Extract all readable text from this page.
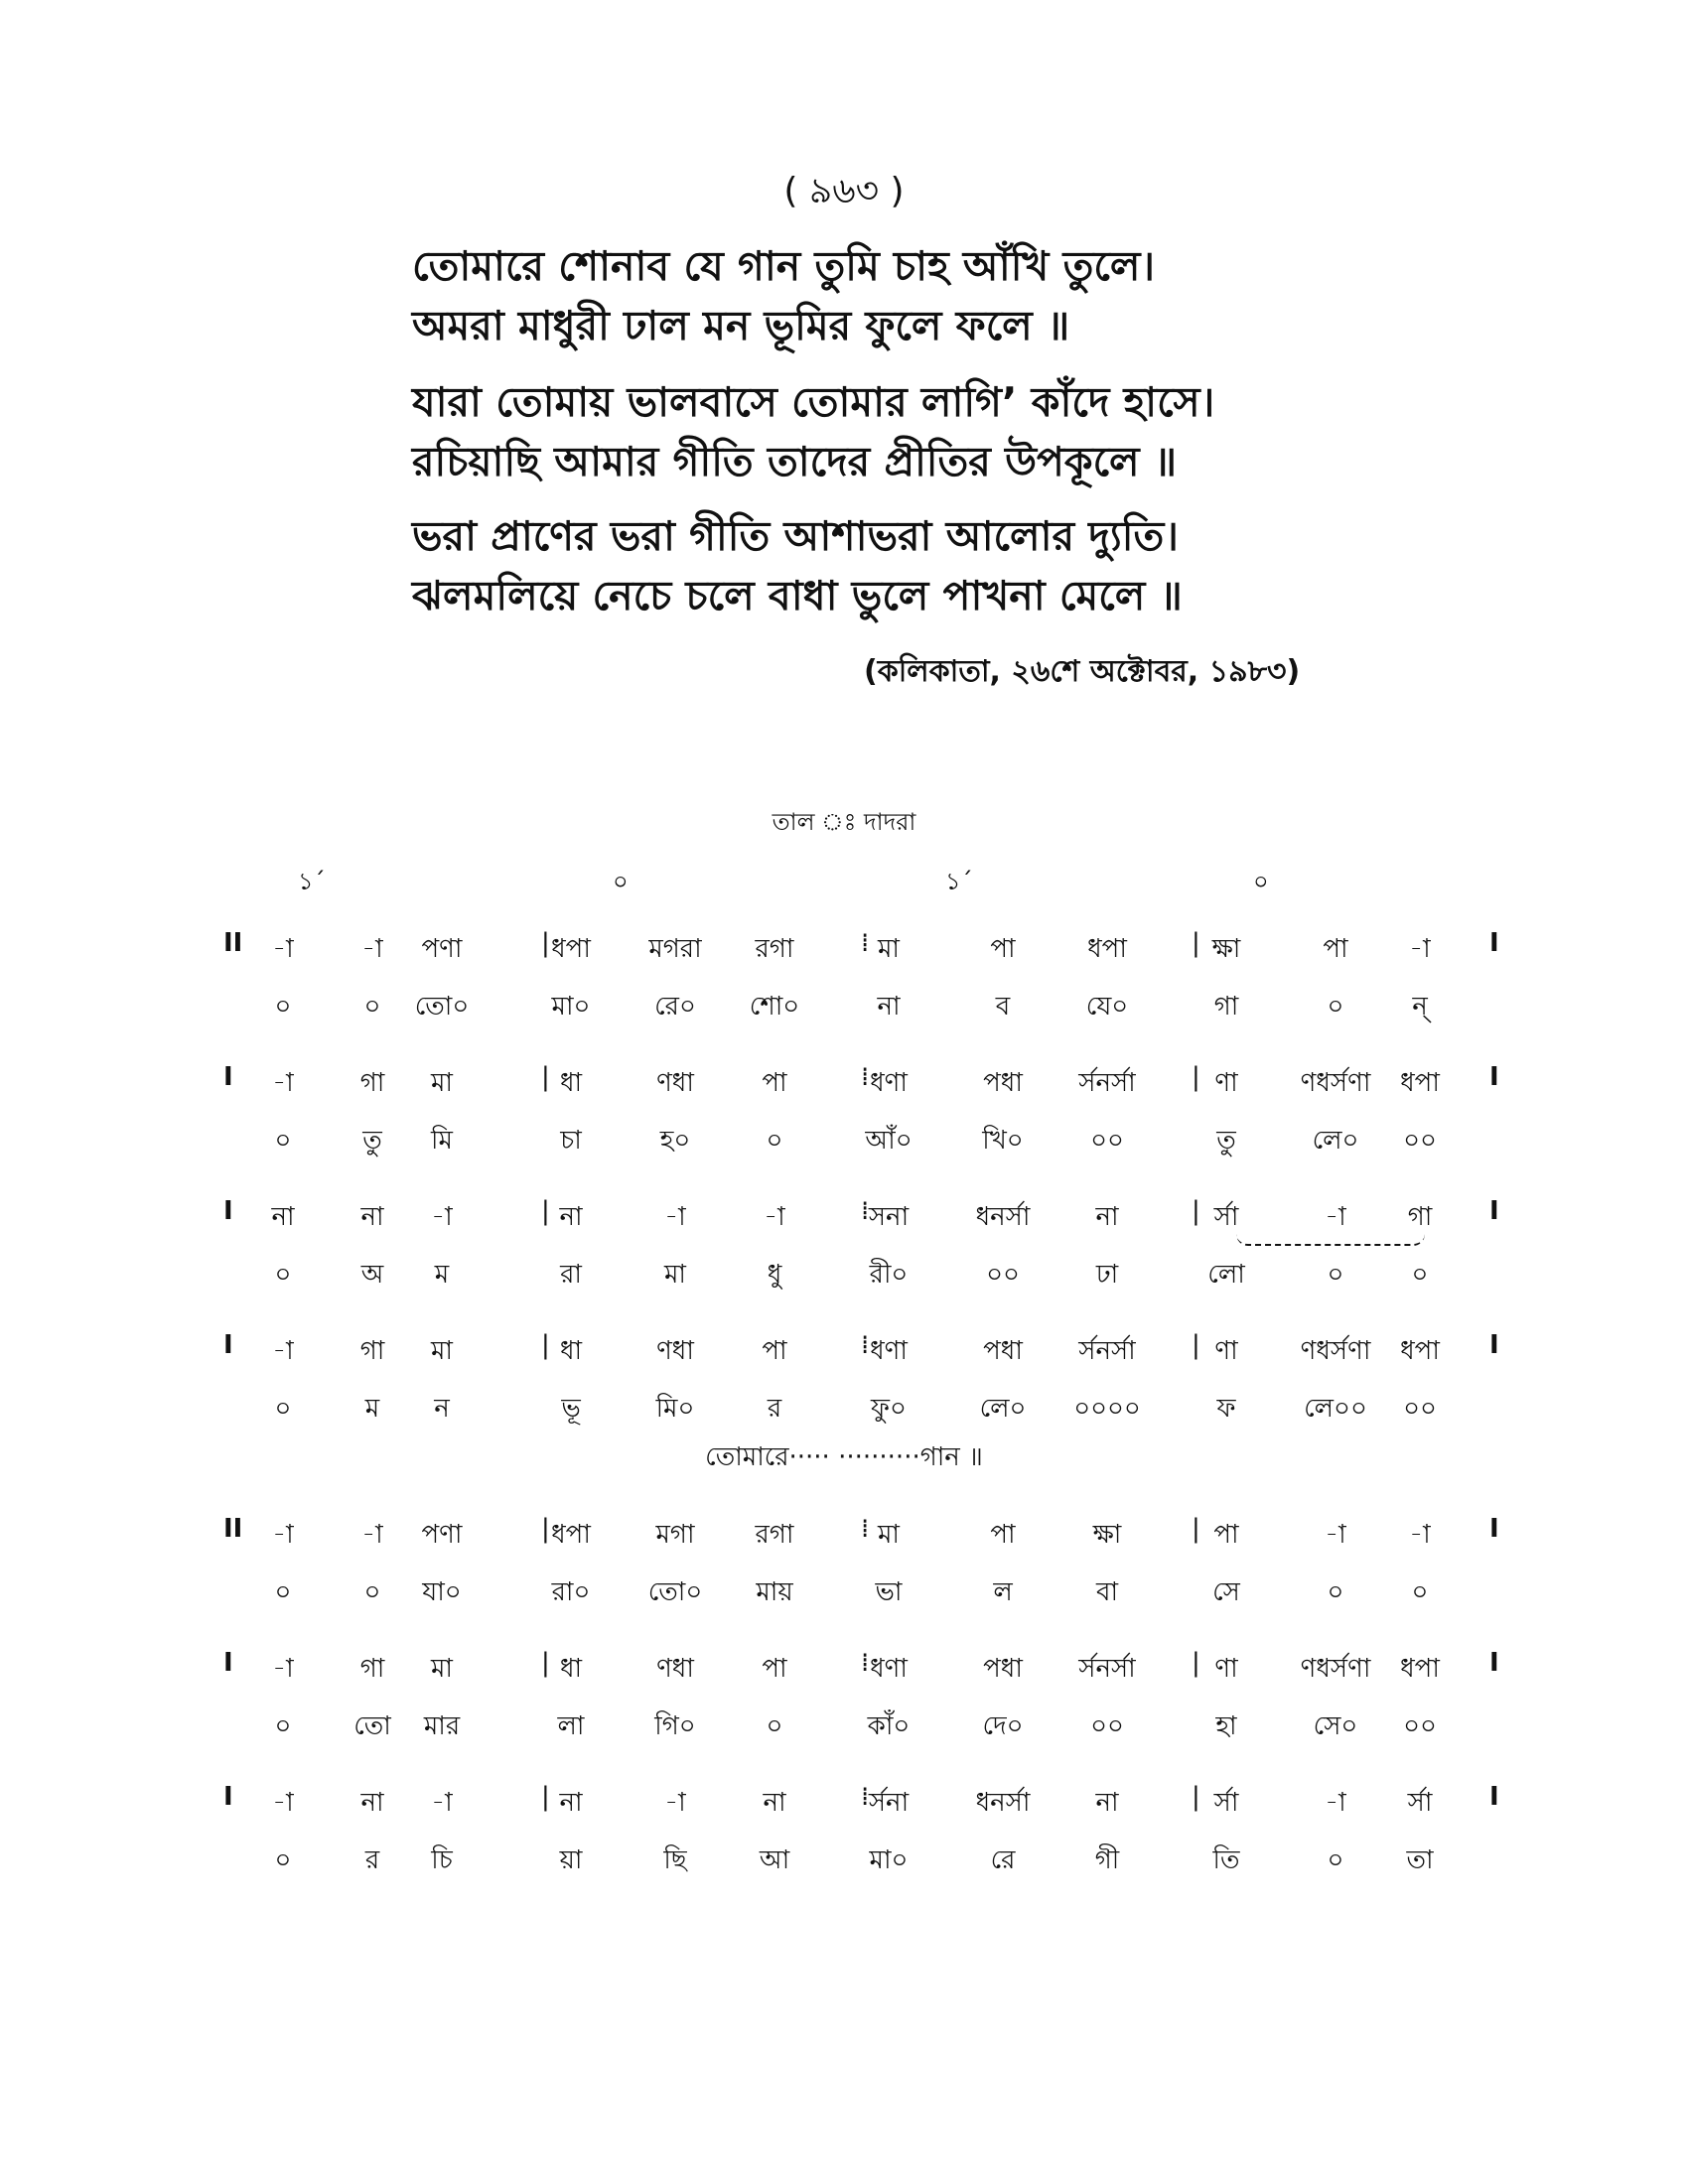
( ৯৬৩ )
তোমারে শোনাব যে গান তুমি চাহ আঁখি তুলে।
অমরা মাধুরী ঢাল মন ভূমির ফুলে ফলে ॥
যারা তোমায় ভালবাসে তোমার লাগি’ কাঁদে হাসে।
রচিয়াছি আমার গীতি তাদের প্রীতির উপকূলে ॥
ভরা প্রাণের ভরা গীতি আশাভরা আলোর দ্যুতি।
ঝলমলিয়ে নেচে চলে বাধা ভুলে পাখনা মেলে ॥
(কলিকাতা, ২৬শে অক্টোবর, ১৯৮৩)
তাল ঃ দাদরা
১´	০	১´	০
II	I
|	⁞	|
-া	-া	পণা	ধপা	মগরা	রগা	মা	পা	ধপা	ক্ষা	পা	-া
০	০	তো০	মা০	রে০	শো০	না	ব	যে০	গা	০	ন্
I	I
|	⁞	|
-া	গা	মা	ধা	ণধা	পা	ধণা	পধা	র্সনর্সা	ণা	ণধর্সণা	ধপা
০	তু	মি	চা	হ০	০	আঁ০	খি০	০০	তু	লে০	০০
I	I
|	⁞	|
না	না	-া	না	-া	-া	সনা	ধনর্সা	না	র্সা	-া	গা
০	অ	ম	রা	মা	ধু	রী০	০০	ঢা	লো	০	০
I	I
|	⁞	|
-া	গা	মা	ধা	ণধা	পা	ধণা	পধা	র্সনর্সা	ণা	ণধর্সণা	ধপা
০	ম	ন	ভূ	মি০	র	ফু০	লে০	০০০০	ফ	লে০০	০০
II	I
|	⁞	|
-া	-া	পণা	ধপা	মগা	রগা	মা	পা	ক্ষা	পা	-া	-া
০	০	যা০	রা০	তো০	মায়	ভা	ল	বা	সে	০	০
I	I
|	⁞	|
-া	গা	মা	ধা	ণধা	পা	ধণা	পধা	র্সনর্সা	ণা	ণধর্সণা	ধপা
০	তো	মার	লা	গি০	০	কাঁ০	দে০	০০	হা	সে০	০০
I	I
|	⁞	|
-া	না	-া	না	-া	না	র্সনা	ধনর্সা	না	র্সা	-া	র্সা
০	র	চি	য়া	ছি	আ	মা০	রে	গী	তি	০	তা
তোমারে····· ··········গান ॥
